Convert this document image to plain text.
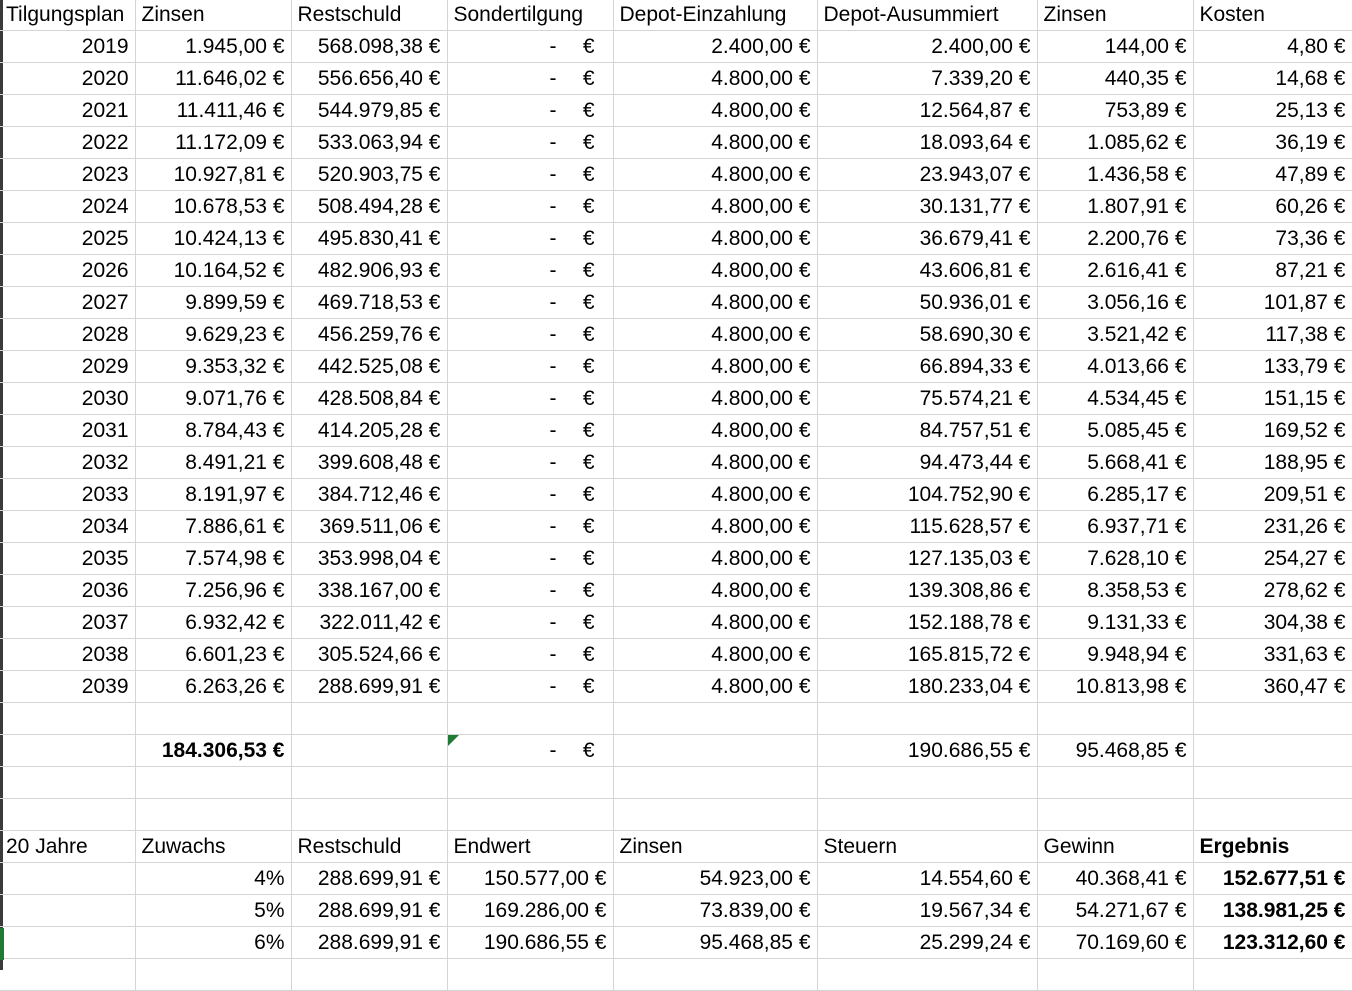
Tilgungsplan	Zinsen	Restschuld	Sondertilgung	Depot-Einzahlung	Depot-Ausummiert	Zinsen	Kosten
2019	1.945,00 €	568.098,38 €	- €	2.400,00 €	2.400,00 €	144,00 €	4,80 €
2020	11.646,02 €	556.656,40 €	- €	4.800,00 €	7.339,20 €	440,35 €	14,68 €
2021	11.411,46 €	544.979,85 €	- €	4.800,00 €	12.564,87 €	753,89 €	25,13 €
2022	11.172,09 €	533.063,94 €	- €	4.800,00 €	18.093,64 €	1.085,62 €	36,19 €
2023	10.927,81 €	520.903,75 €	- €	4.800,00 €	23.943,07 €	1.436,58 €	47,89 €
2024	10.678,53 €	508.494,28 €	- €	4.800,00 €	30.131,77 €	1.807,91 €	60,26 €
2025	10.424,13 €	495.830,41 €	- €	4.800,00 €	36.679,41 €	2.200,76 €	73,36 €
2026	10.164,52 €	482.906,93 €	- €	4.800,00 €	43.606,81 €	2.616,41 €	87,21 €
2027	9.899,59 €	469.718,53 €	- €	4.800,00 €	50.936,01 €	3.056,16 €	101,87 €
2028	9.629,23 €	456.259,76 €	- €	4.800,00 €	58.690,30 €	3.521,42 €	117,38 €
2029	9.353,32 €	442.525,08 €	- €	4.800,00 €	66.894,33 €	4.013,66 €	133,79 €
2030	9.071,76 €	428.508,84 €	- €	4.800,00 €	75.574,21 €	4.534,45 €	151,15 €
2031	8.784,43 €	414.205,28 €	- €	4.800,00 €	84.757,51 €	5.085,45 €	169,52 €
2032	8.491,21 €	399.608,48 €	- €	4.800,00 €	94.473,44 €	5.668,41 €	188,95 €
2033	8.191,97 €	384.712,46 €	- €	4.800,00 €	104.752,90 €	6.285,17 €	209,51 €
2034	7.886,61 €	369.511,06 €	- €	4.800,00 €	115.628,57 €	6.937,71 €	231,26 €
2035	7.574,98 €	353.998,04 €	- €	4.800,00 €	127.135,03 €	7.628,10 €	254,27 €
2036	7.256,96 €	338.167,00 €	- €	4.800,00 €	139.308,86 €	8.358,53 €	278,62 €
2037	6.932,42 €	322.011,42 €	- €	4.800,00 €	152.188,78 €	9.131,33 €	304,38 €
2038	6.601,23 €	305.524,66 €	- €	4.800,00 €	165.815,72 €	9.948,94 €	331,63 €
2039	6.263,26 €	288.699,91 €	- €	4.800,00 €	180.233,04 €	10.813,98 €	360,47 €

	184.306,53 €		- €		190.686,55 €	95.468,85 €	

20 Jahre	Zuwachs	Restschuld	Endwert	Zinsen	Steuern	Gewinn	Ergebnis
	4%	288.699,91 €	150.577,00 €	54.923,00 €	14.554,60 €	40.368,41 €	152.677,51 €
	5%	288.699,91 €	169.286,00 €	73.839,00 €	19.567,34 €	54.271,67 €	138.981,25 €
	6%	288.699,91 €	190.686,55 €	95.468,85 €	25.299,24 €	70.169,60 €	123.312,60 €
